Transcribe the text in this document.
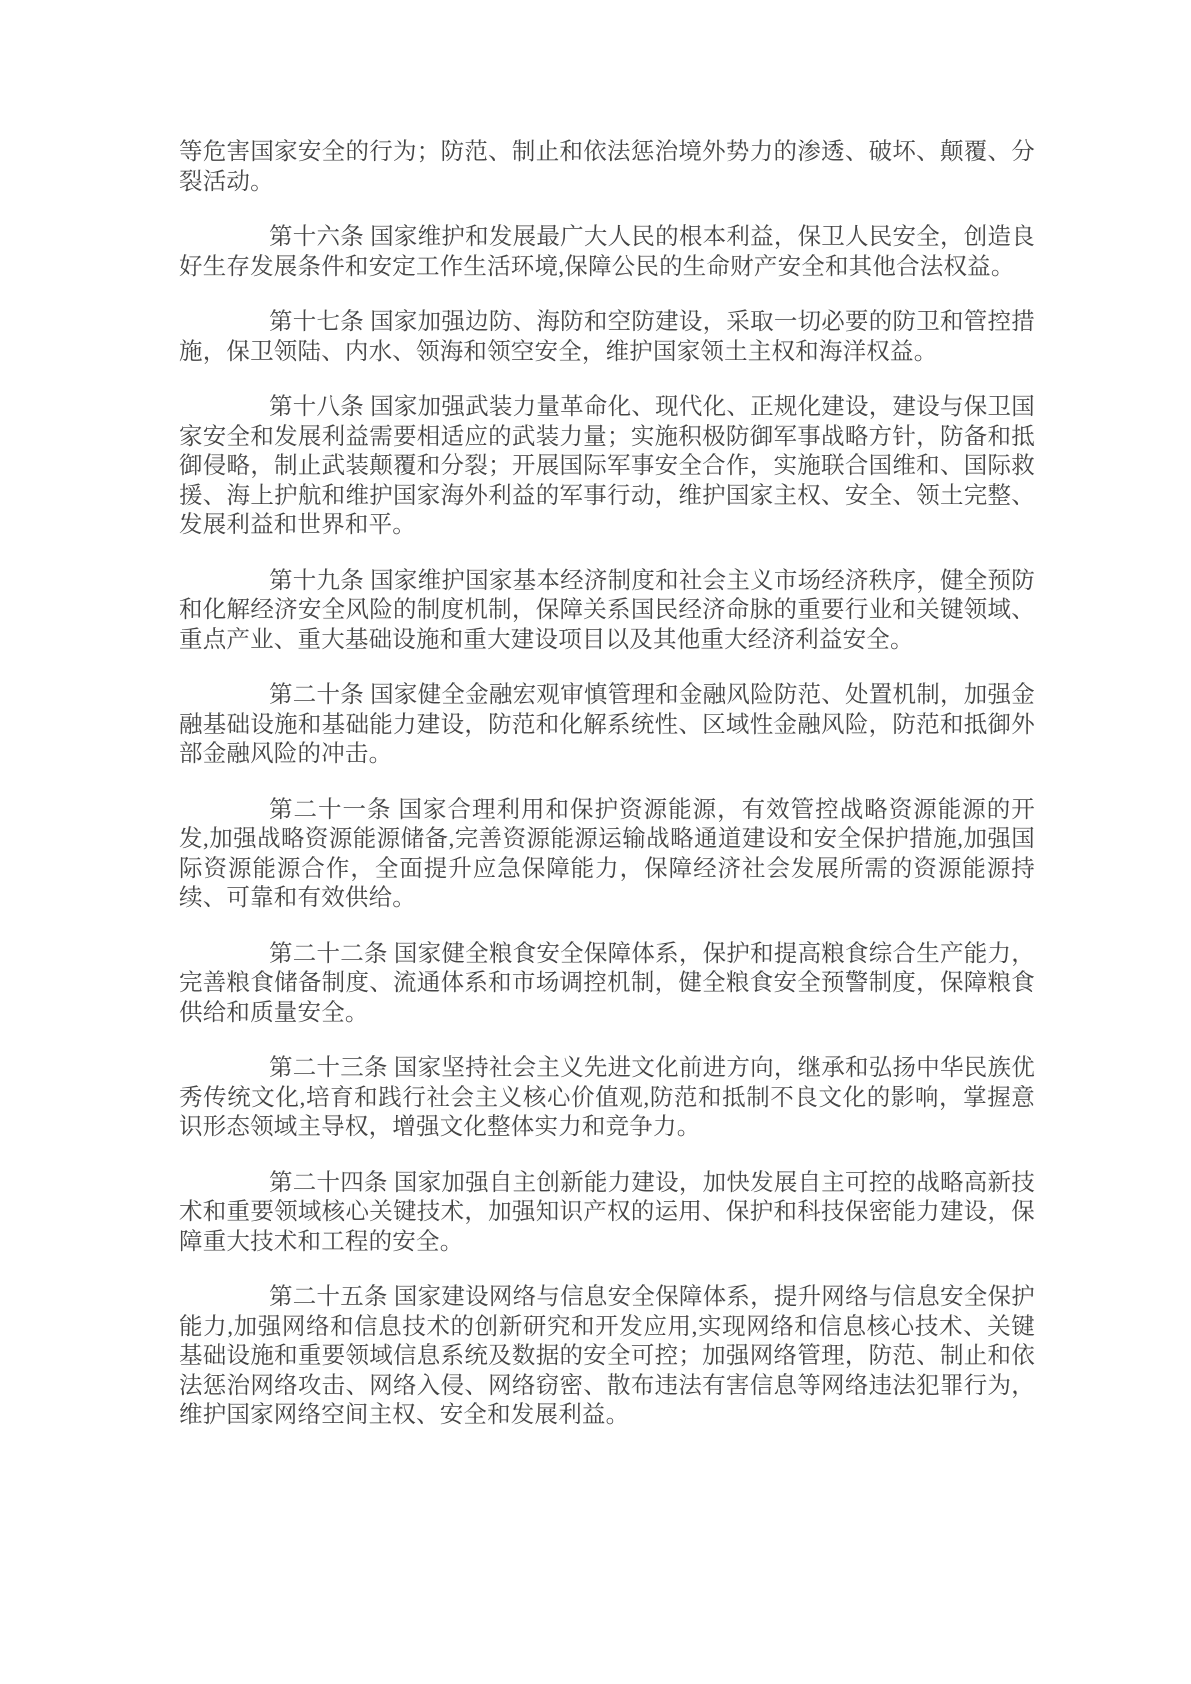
等危害国家安全的行为；防范、制止和依法惩治境外势力的渗透、破坏、颠覆、分裂活动。

第十六条 国家维护和发展最广大人民的根本利益，保卫人民安全，创造良好生存发展条件和安定工作生活环境,保障公民的生命财产安全和其他合法权益。

第十七条 国家加强边防、海防和空防建设，采取一切必要的防卫和管控措施，保卫领陆、内水、领海和领空安全，维护国家领土主权和海洋权益。

第十八条 国家加强武装力量革命化、现代化、正规化建设，建设与保卫国家安全和发展利益需要相适应的武装力量；实施积极防御军事战略方针，防备和抵御侵略，制止武装颠覆和分裂；开展国际军事安全合作，实施联合国维和、国际救援、海上护航和维护国家海外利益的军事行动，维护国家主权、安全、领土完整、发展利益和世界和平。

第十九条 国家维护国家基本经济制度和社会主义市场经济秩序，健全预防和化解经济安全风险的制度机制，保障关系国民经济命脉的重要行业和关键领域、重点产业、重大基础设施和重大建设项目以及其他重大经济利益安全。

第二十条 国家健全金融宏观审慎管理和金融风险防范、处置机制，加强金融基础设施和基础能力建设，防范和化解系统性、区域性金融风险，防范和抵御外部金融风险的冲击。

第二十一条 国家合理利用和保护资源能源，有效管控战略资源能源的开发,加强战略资源能源储备,完善资源能源运输战略通道建设和安全保护措施,加强国际资源能源合作，全面提升应急保障能力，保障经济社会发展所需的资源能源持续、可靠和有效供给。

第二十二条 国家健全粮食安全保障体系，保护和提高粮食综合生产能力，完善粮食储备制度、流通体系和市场调控机制，健全粮食安全预警制度，保障粮食供给和质量安全。

第二十三条 国家坚持社会主义先进文化前进方向，继承和弘扬中华民族优秀传统文化,培育和践行社会主义核心价值观,防范和抵制不良文化的影响，掌握意识形态领域主导权，增强文化整体实力和竞争力。

第二十四条 国家加强自主创新能力建设，加快发展自主可控的战略高新技术和重要领域核心关键技术，加强知识产权的运用、保护和科技保密能力建设，保障重大技术和工程的安全。

第二十五条 国家建设网络与信息安全保障体系，提升网络与信息安全保护能力,加强网络和信息技术的创新研究和开发应用,实现网络和信息核心技术、关键基础设施和重要领域信息系统及数据的安全可控；加强网络管理，防范、制止和依法惩治网络攻击、网络入侵、网络窃密、散布违法有害信息等网络违法犯罪行为，维护国家网络空间主权、安全和发展利益。
